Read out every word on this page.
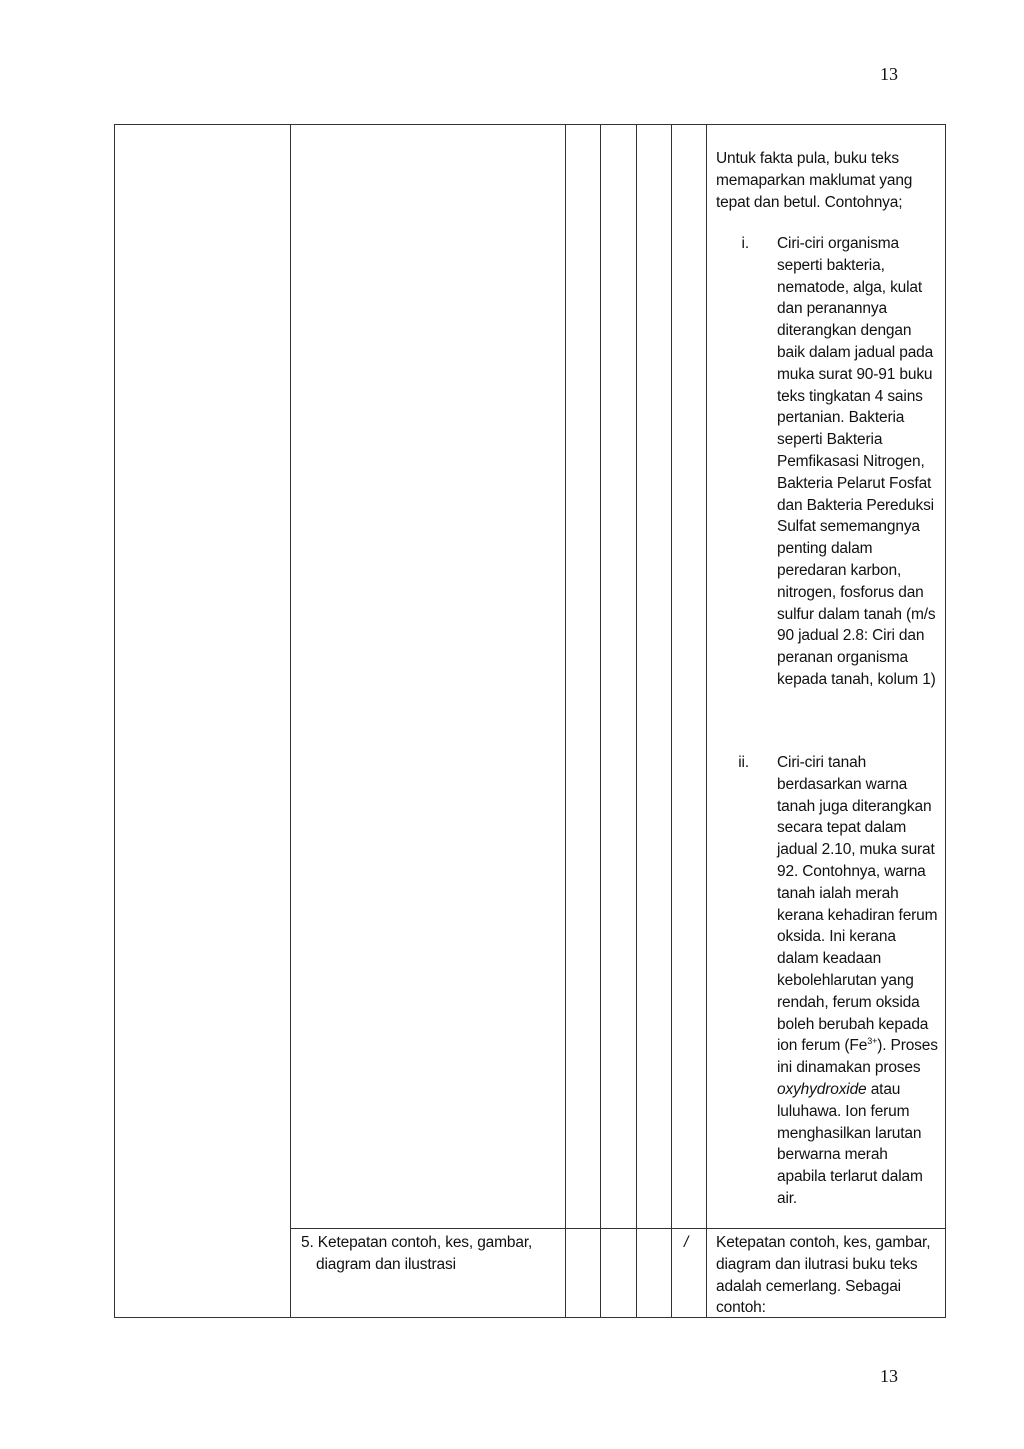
13
Untuk fakta pula, buku teks memaparkan maklumat yang tepat dan betul. Contohnya;
i. Ciri-ciri organisma seperti bakteria, nematode, alga, kulat dan peranannya diterangkan dengan baik dalam jadual pada muka surat 90-91 buku teks tingkatan 4 sains pertanian. Bakteria seperti Bakteria Pemfikasasi Nitrogen, Bakteria Pelarut Fosfat dan Bakteria Pereduksi Sulfat sememangnya penting dalam peredaran karbon, nitrogen, fosforus dan sulfur dalam tanah (m/s 90 jadual 2.8: Ciri dan peranan organisma kepada tanah, kolum 1)
ii. Ciri-ciri tanah berdasarkan warna tanah juga diterangkan secara tepat dalam jadual 2.10, muka surat 92. Contohnya, warna tanah ialah merah kerana kehadiran ferum oksida. Ini kerana dalam keadaan kebolehlarutan yang rendah, ferum oksida boleh berubah kepada ion ferum $(Fe^{3+})$. Proses ini dinamakan proses oxyhydroxide atau luluhawa. Ion ferum menghasilkan larutan berwarna merah apabila terlarut dalam air.
5. Ketepatan contoh, kes, gambar,
diagram dan ilustrasi
/ Ketepatan contoh, kes, gambar, diagram dan ilutrasi buku teks adalah cemerlang. Sebagai contoh:
13
